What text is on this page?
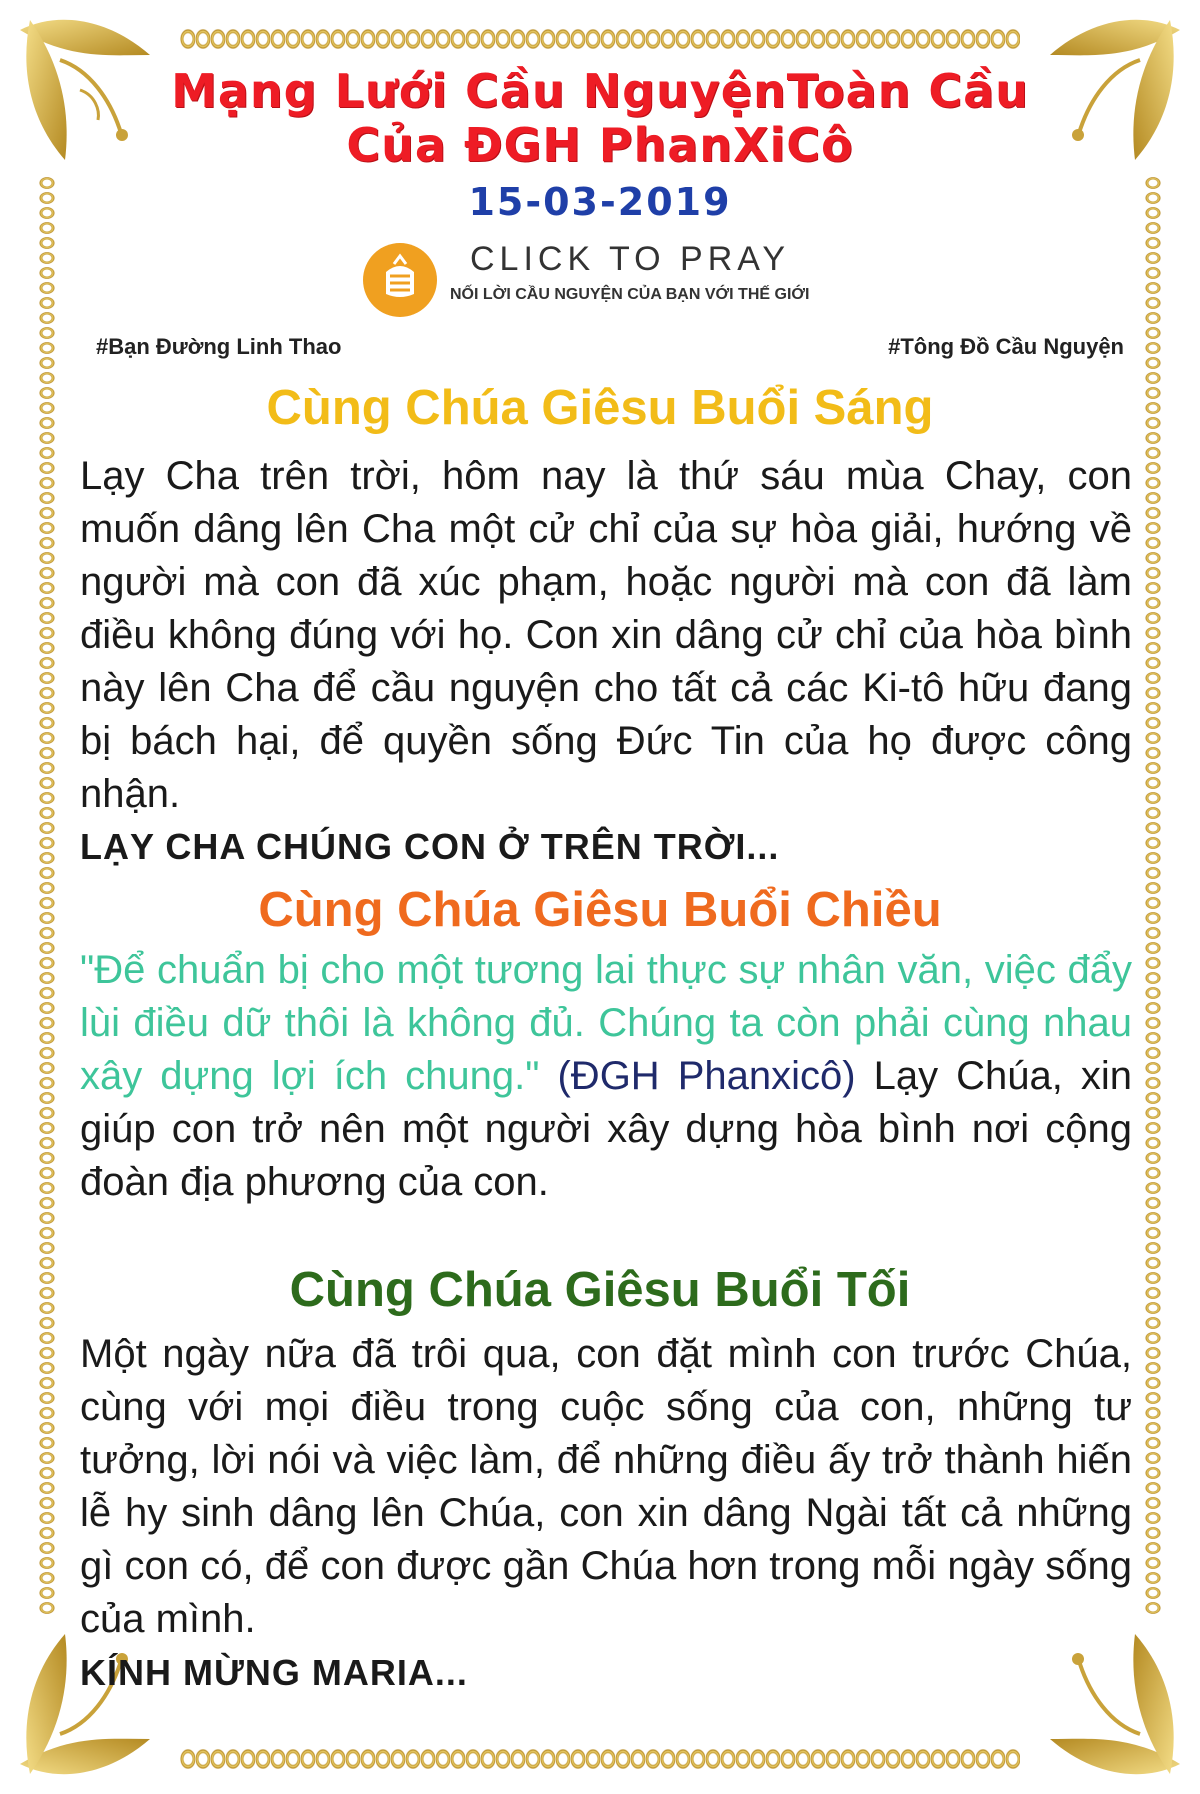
Mạng Lưới Cầu NguyệnToàn Cầu
Của ĐGH PhanXiCô
15-03-2019
CLICK TO PRAY
NỐI LỜI CẦU NGUYỆN CỦA BẠN VỚI THẾ GIỚI
#Bạn Đường Linh Thao	#Tông Đồ Cầu Nguyện
Cùng Chúa Giêsu Buổi Sáng
Lạy Cha trên trời, hôm nay là thứ sáu mùa Chay, con muốn dâng lên Cha một cử chỉ của sự hòa giải, hướng về người mà con đã xúc phạm, hoặc người mà con đã làm điều không đúng với họ. Con xin dâng cử chỉ của hòa bình này lên Cha để cầu nguyện cho tất cả các Ki-tô hữu đang bị bách hại, để quyền sống Đức Tin của họ được công nhận.
LẠY CHA CHÚNG CON Ở TRÊN TRỜI...
Cùng Chúa Giêsu Buổi Chiều
"Để chuẩn bị cho một tương lai thực sự nhân văn, việc đẩy lùi điều dữ thôi là không đủ. Chúng ta còn phải cùng nhau xây dựng lợi ích chung." (ĐGH Phanxicô) Lạy Chúa, xin giúp con trở nên một người xây dựng hòa bình nơi cộng đoàn địa phương của con.
Cùng Chúa Giêsu Buổi Tối
Một ngày nữa đã trôi qua, con đặt mình con trước Chúa, cùng với mọi điều trong cuộc sống của con, những tư tưởng, lời nói và việc làm, để những điều ấy trở thành hiến lễ hy sinh dâng lên Chúa, con xin dâng Ngài tất cả những gì con có, để con được gần Chúa hơn trong mỗi ngày sống của mình.
KÍNH MỪNG MARIA...
